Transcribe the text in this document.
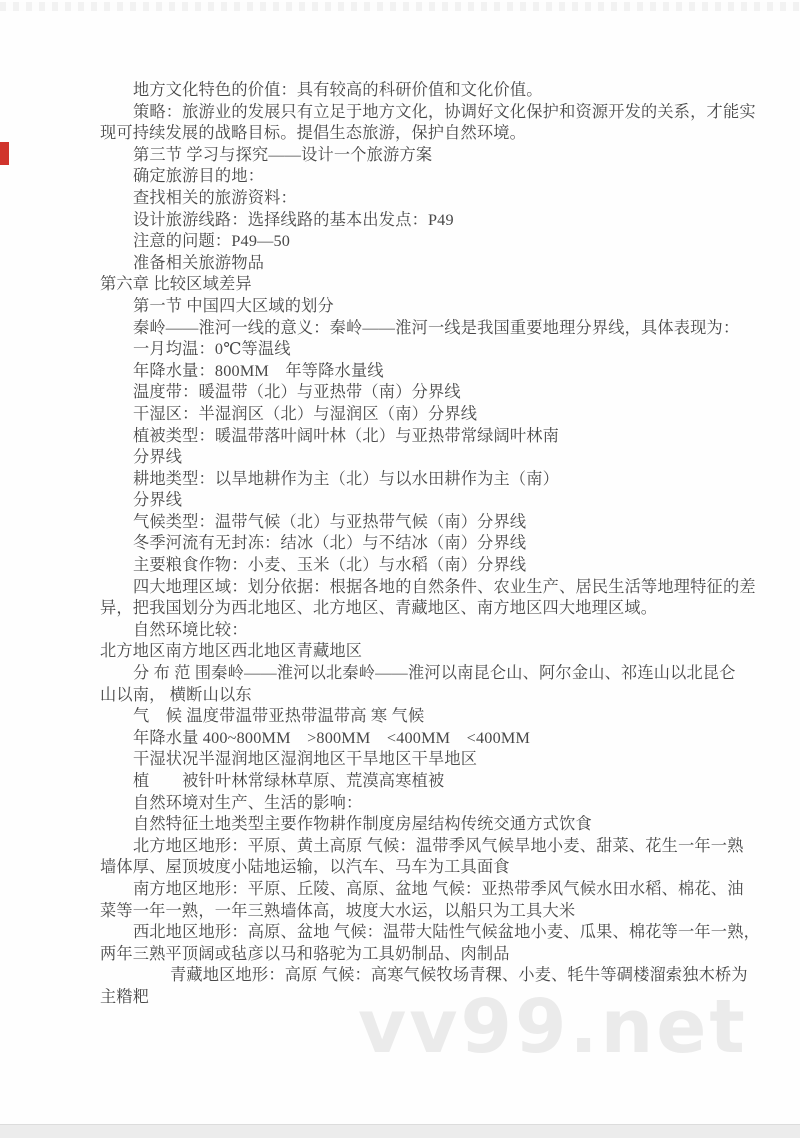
地方文化特色的价值：具有较高的科研价值和文化价值。
策略：旅游业的发展只有立足于地方文化，协调好文化保护和资源开发的关系，才能实
现可持续发展的战略目标。提倡生态旅游，保护自然环境。
第三节 学习与探究——设计一个旅游方案
确定旅游目的地：
查找相关的旅游资料：
设计旅游线路：选择线路的基本出发点：P49
注意的问题：P49—50
准备相关旅游物品
第六章 比较区域差异
第一节 中国四大区域的划分
秦岭——淮河一线的意义：秦岭——淮河一线是我国重要地理分界线，具体表现为：
一月均温：0℃等温线
年降水量：800MM　年等降水量线
温度带：暖温带（北）与亚热带（南）分界线
干湿区：半湿润区（北）与湿润区（南）分界线
植被类型：暖温带落叶阔叶林（北）与亚热带常绿阔叶林南
分界线
耕地类型：以旱地耕作为主（北）与以水田耕作为主（南）
分界线
气候类型：温带气候（北）与亚热带气候（南）分界线
冬季河流有无封冻：结冰（北）与不结冰（南）分界线
主要粮食作物：小麦、玉米（北）与水稻（南）分界线
四大地理区域：划分依据：根据各地的自然条件、农业生产、居民生活等地理特征的差
异，把我国划分为西北地区、北方地区、青藏地区、南方地区四大地理区域。
自然环境比较：
北方地区南方地区西北地区青藏地区
分 布 范 围秦岭——淮河以北秦岭——淮河以南昆仑山、阿尔金山、祁连山以北昆仑
山以南， 横断山以东
气　候 温度带温带亚热带温带高 寒 气候
年降水量 400~800MM　>800MM　<400MM　<400MM
干湿状况半湿润地区湿润地区干旱地区干旱地区
植　　被针叶林常绿林草原、荒漠高寒植被
自然环境对生产、生活的影响：
自然特征土地类型主要作物耕作制度房屋结构传统交通方式饮食
北方地区地形：平原、黄土高原 气候：温带季风气候旱地小麦、甜菜、花生一年一熟
墙体厚、屋顶坡度小陆地运输，以汽车、马车为工具面食
南方地区地形：平原、丘陵、高原、盆地 气候：亚热带季风气候水田水稻、棉花、油
菜等一年一熟，一年三熟墙体高，坡度大水运，以船只为工具大米
西北地区地形：高原、盆地 气候：温带大陆性气候盆地小麦、瓜果、棉花等一年一熟，
两年三熟平顶阔或毡彦以马和骆驼为工具奶制品、肉制品
青藏地区地形：高原 气候：高寒气候牧场青稞、小麦、牦牛等碉楼溜索独木桥为
主糌粑	vv99.net
